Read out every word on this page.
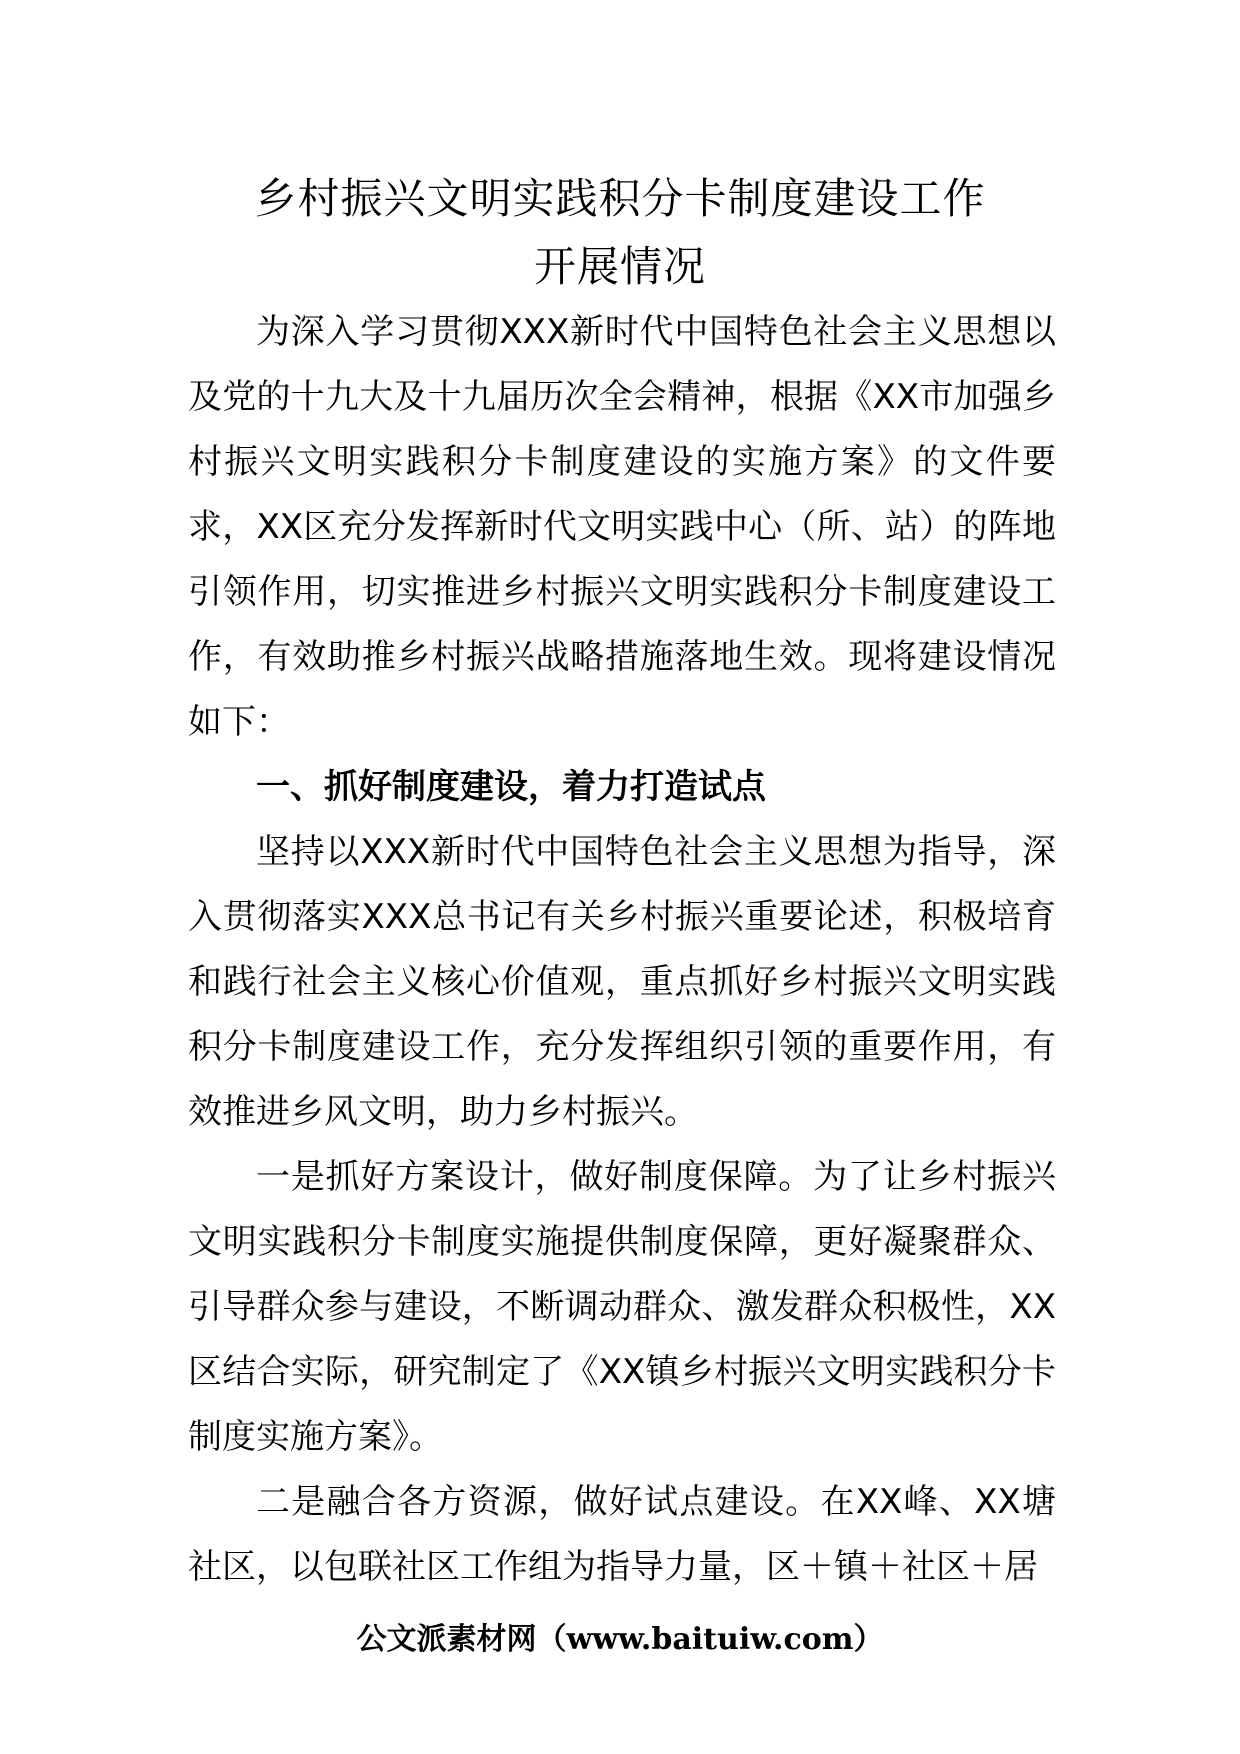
乡村振兴文明实践积分卡制度建设工作
开展情况

为深入学习贯彻XXX新时代中国特色社会主义思想以及党的十九大及十九届历次全会精神，根据《XX市加强乡村振兴文明实践积分卡制度建设的实施方案》的文件要求，XX区充分发挥新时代文明实践中心（所、站）的阵地引领作用，切实推进乡村振兴文明实践积分卡制度建设工作，有效助推乡村振兴战略措施落地生效。现将建设情况如下：

一、抓好制度建设，着力打造试点

坚持以XXX新时代中国特色社会主义思想为指导，深入贯彻落实XXX总书记有关乡村振兴重要论述，积极培育和践行社会主义核心价值观，重点抓好乡村振兴文明实践积分卡制度建设工作，充分发挥组织引领的重要作用，有效推进乡风文明，助力乡村振兴。

一是抓好方案设计，做好制度保障。为了让乡村振兴文明实践积分卡制度实施提供制度保障，更好凝聚群众、引导群众参与建设，不断调动群众、激发群众积极性，XX区结合实际，研究制定了《XX镇乡村振兴文明实践积分卡制度实施方案》。

二是融合各方资源，做好试点建设。在XX峰、XX塘社区，以包联社区工作组为指导力量，区＋镇＋社区＋居

公文派素材网（www.baituiw.com）
